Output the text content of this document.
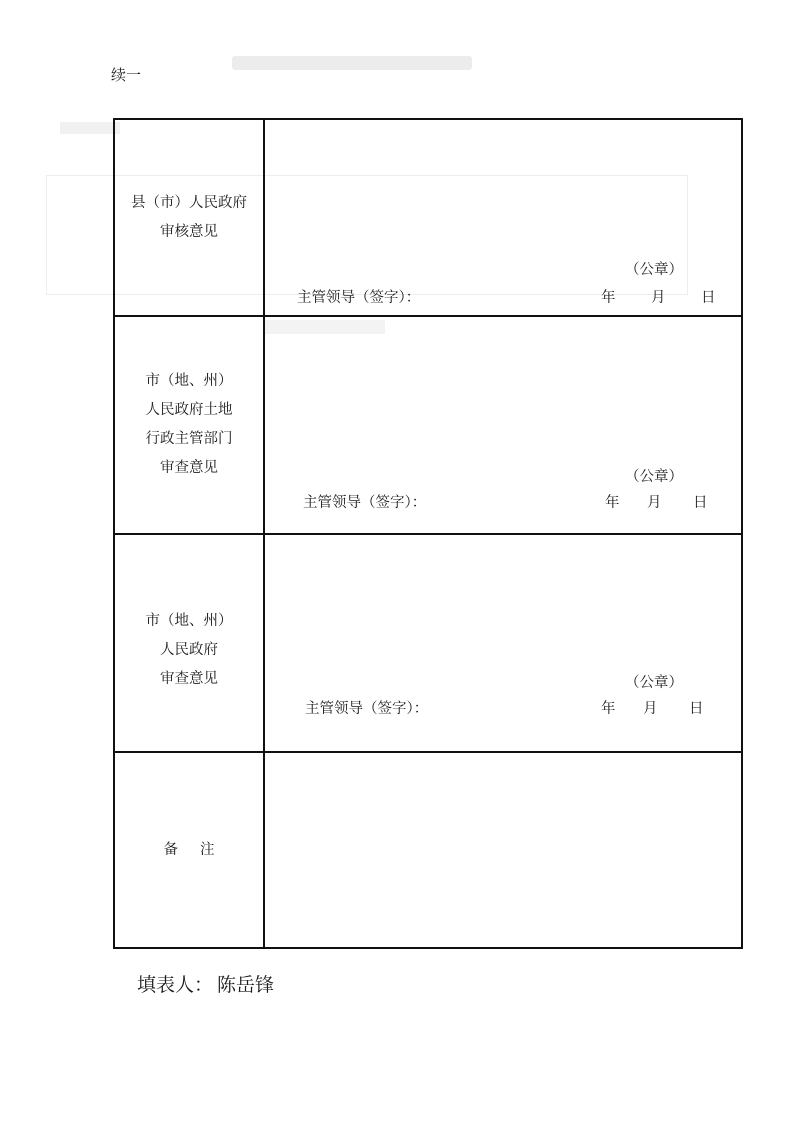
续一
县（市）人民政府
审核意见	（公章）
主管领导（签字）： 年 月 日

市（地、州）
人民政府土地
行政主管部门
审查意见	（公章）
主管领导（签字）： 年 月 日

市（地、州）
人民政府
审查意见	（公章）
主管领导（签字）： 年 月 日

备注	
填表人： 陈岳锋
